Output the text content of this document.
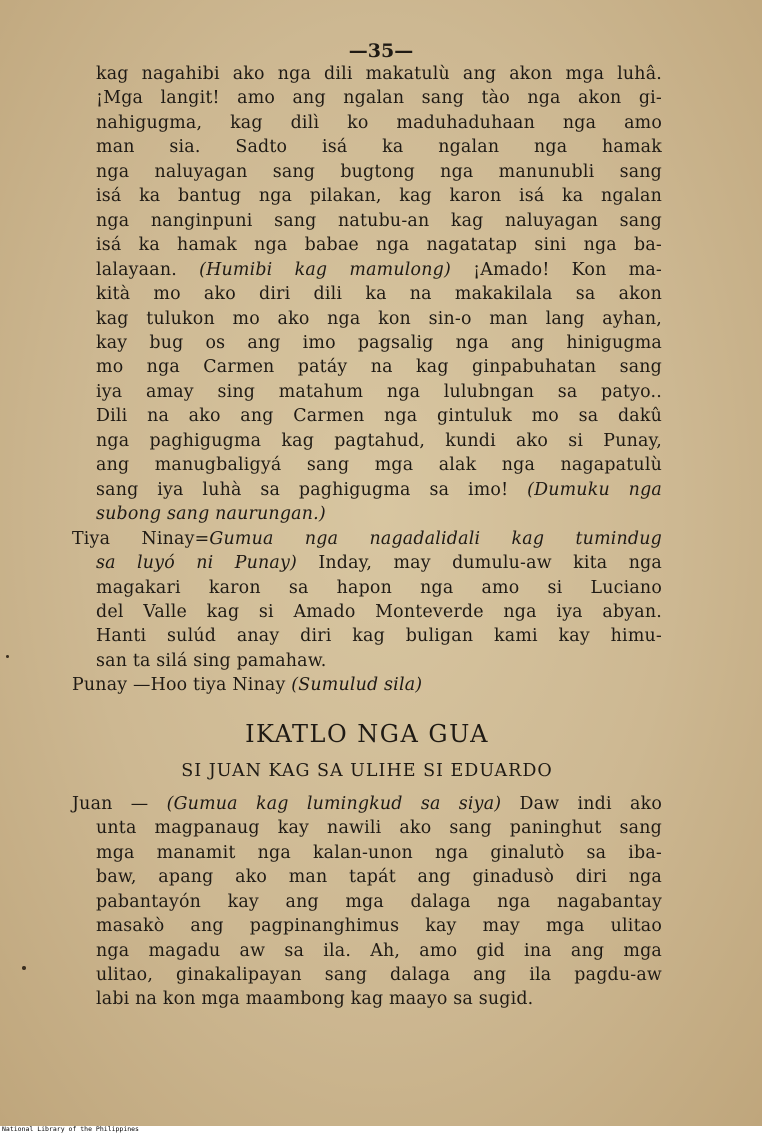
—35—
kag nagahibi ako nga dili makatulù ang akon mga luhâ.
¡Mga langit! amo ang ngalan sang tào nga akon gi-
nahigugma, kag dilì ko maduhaduhaan nga amo
man sia. Sadto isá ka ngalan nga hamak
nga naluyagan sang bugtong nga manunubli sang
isá ka bantug nga pilakan, kag karon isá ka ngalan
nga nanginpuni sang natubu-an kag naluyagan sang
isá ka hamak nga babae nga nagatatap sini nga ba-
lalayaan. (Humibi kag mamulong) ¡Amado! Kon ma-
kità mo ako diri dili ka na makakilala sa akon
kag tulukon mo ako nga kon sin-o man lang ayhan,
kay bug os ang imo pagsalig nga ang hinigugma
mo nga Carmen patáy na kag ginpabuhatan sang
iya amay sing matahum nga lulubngan sa patyo..
Dili na ako ang Carmen nga gintuluk mo sa dakû
nga paghigugma kag pagtahud, kundi ako si Punay,
ang manugbaligyá sang mga alak nga nagapatulù
sang iya luhà sa paghigugma sa imo! (Dumuku nga
subong sang naurungan.)
Tiya Ninay=Gumua nga nagadalidali kag tumindug
sa luyó ni Punay) Inday, may dumulu-aw kita nga
magakari karon sa hapon nga amo si Luciano
del Valle kag si Amado Monteverde nga iya abyan.
Hanti sulúd anay diri kag buligan kami kay himu-
san ta silá sing pamahaw.
Punay —Hoo tiya Ninay (Sumulud sila)
IKATLO NGA GUA
SI JUAN KAG SA ULIHE SI EDUARDO
Juan — (Gumua kag lumingkud sa siya) Daw indi ako
unta magpanaug kay nawili ako sang paninghut sang
mga manamit nga kalan-unon nga ginalutò sa iba-
baw, apang ako man tapát ang ginadusò diri nga
pabantayón kay ang mga dalaga nga nagabantay
masakò ang pagpinanghimus kay may mga ulitao
nga magadu aw sa ila. Ah, amo gid ina ang mga
ulitao, ginakalipayan sang dalaga ang ila pagdu-aw
labi na kon mga maambong kag maayo sa sugid.
National Library of the Philippines
